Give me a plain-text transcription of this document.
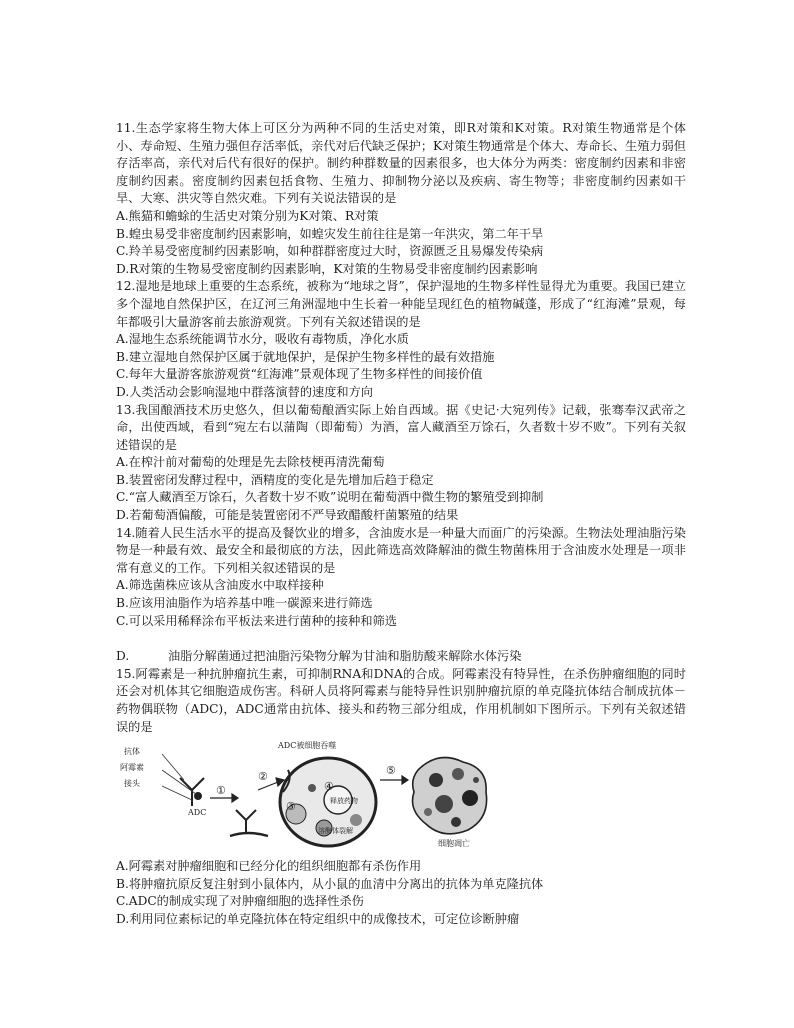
11.生态学家将生物大体上可区分为两种不同的生活史对策，即R对策和K对策。R对策生物通常是个体小、寿命短、生殖力强但存活率低，亲代对后代缺乏保护；K对策生物通常是个体大、寿命长、生殖力弱但存活率高，亲代对后代有很好的保护。制约种群数量的因素很多，也大体分为两类：密度制约因素和非密度制约因素。密度制约因素包括食物、生殖力、抑制物分泌以及疾病、寄生物等；非密度制约因素如干旱、大寒、洪灾等自然灾难。下列有关说法错误的是

A.熊猫和蟾蜍的生活史对策分别为K对策、R对策

B.蝗虫易受非密度制约因素影响，如蝗灾发生前往往是第一年洪灾，第二年干旱

C.羚羊易受密度制约因素影响，如种群群密度过大时，资源匮乏且易爆发传染病

D.R对策的生物易受密度制约因素影响，K对策的生物易受非密度制约因素影响

12.湿地是地球上重要的生态系统，被称为“地球之肾”，保护湿地的生物多样性显得尤为重要。我国已建立多个湿地自然保护区，在辽河三角洲湿地中生长着一种能呈现红色的植物碱蓬，形成了“红海滩”景观，每年都吸引大量游客前去旅游观赏。下列有关叙述错误的是

A.湿地生态系统能调节水分，吸收有毒物质，净化水质

B.建立湿地自然保护区属于就地保护，是保护生物多样性的最有效措施

C.每年大量游客旅游观赏“红海滩”景观体现了生物多样性的间接价值

D.人类活动会影响湿地中群落演替的速度和方向

13.我国酿酒技术历史悠久，但以葡萄酿酒实际上始自西域。据《史记·大宛列传》记载，张骞奉汉武帝之命，出使西域，看到“宛左右以蒲陶（即葡萄）为酒，富人藏酒至万馀石，久者数十岁不败”。下列有关叙述错误的是

A.在榨汁前对葡萄的处理是先去除枝梗再清洗葡萄

B.装置密闭发酵过程中，酒精度的变化是先增加后趋于稳定

C.“富人藏酒至万馀石，久者数十岁不败”说明在葡萄酒中微生物的繁殖受到抑制

D.若葡萄酒偏酸，可能是装置密闭不严导致醋酸杆菌繁殖的结果

14.随着人民生活水平的提高及餐饮业的增多，含油废水是一种量大而面广的污染源。生物法处理油脂污染物是一种最有效、最安全和最彻底的方法，因此筛选高效降解油的微生物菌株用于含油废水处理是一项非常有意义的工作。下列相关叙述错误的是

A.筛选菌株应该从含油废水中取样接种

B.应该用油脂作为培养基中唯一碳源来进行筛选

C.可以采用稀释涂布平板法来进行菌种的接种和筛选

D.	油脂分解菌通过把油脂污染物分解为甘油和脂肪酸来解除水体污染

15.阿霉素是一种抗肿瘤抗生素，可抑制RNA和DNA的合成。阿霉素没有特异性，在杀伤肿瘤细胞的同时还会对机体其它细胞造成伤害。科研人员将阿霉素与能特异性识别肿瘤抗原的单克隆抗体结合制成抗体－药物偶联物（ADC)，ADC通常由抗体、接头和药物三部分组成，作用机制如下图所示。下列有关叙述错误的是

抗体
阿霉素
接头
ADC
ADC被细胞吞噬
释放药物
溶酶体裂解
细胞凋亡
①
②
③
④
⑤

A.阿霉素对肿瘤细胞和已经分化的组织细胞都有杀伤作用

B.将肿瘤抗原反复注射到小鼠体内，从小鼠的血清中分离出的抗体为单克隆抗体

C.ADC的制成实现了对肿瘤细胞的选择性杀伤

D.利用同位素标记的单克隆抗体在特定组织中的成像技术，可定位诊断肿瘤
